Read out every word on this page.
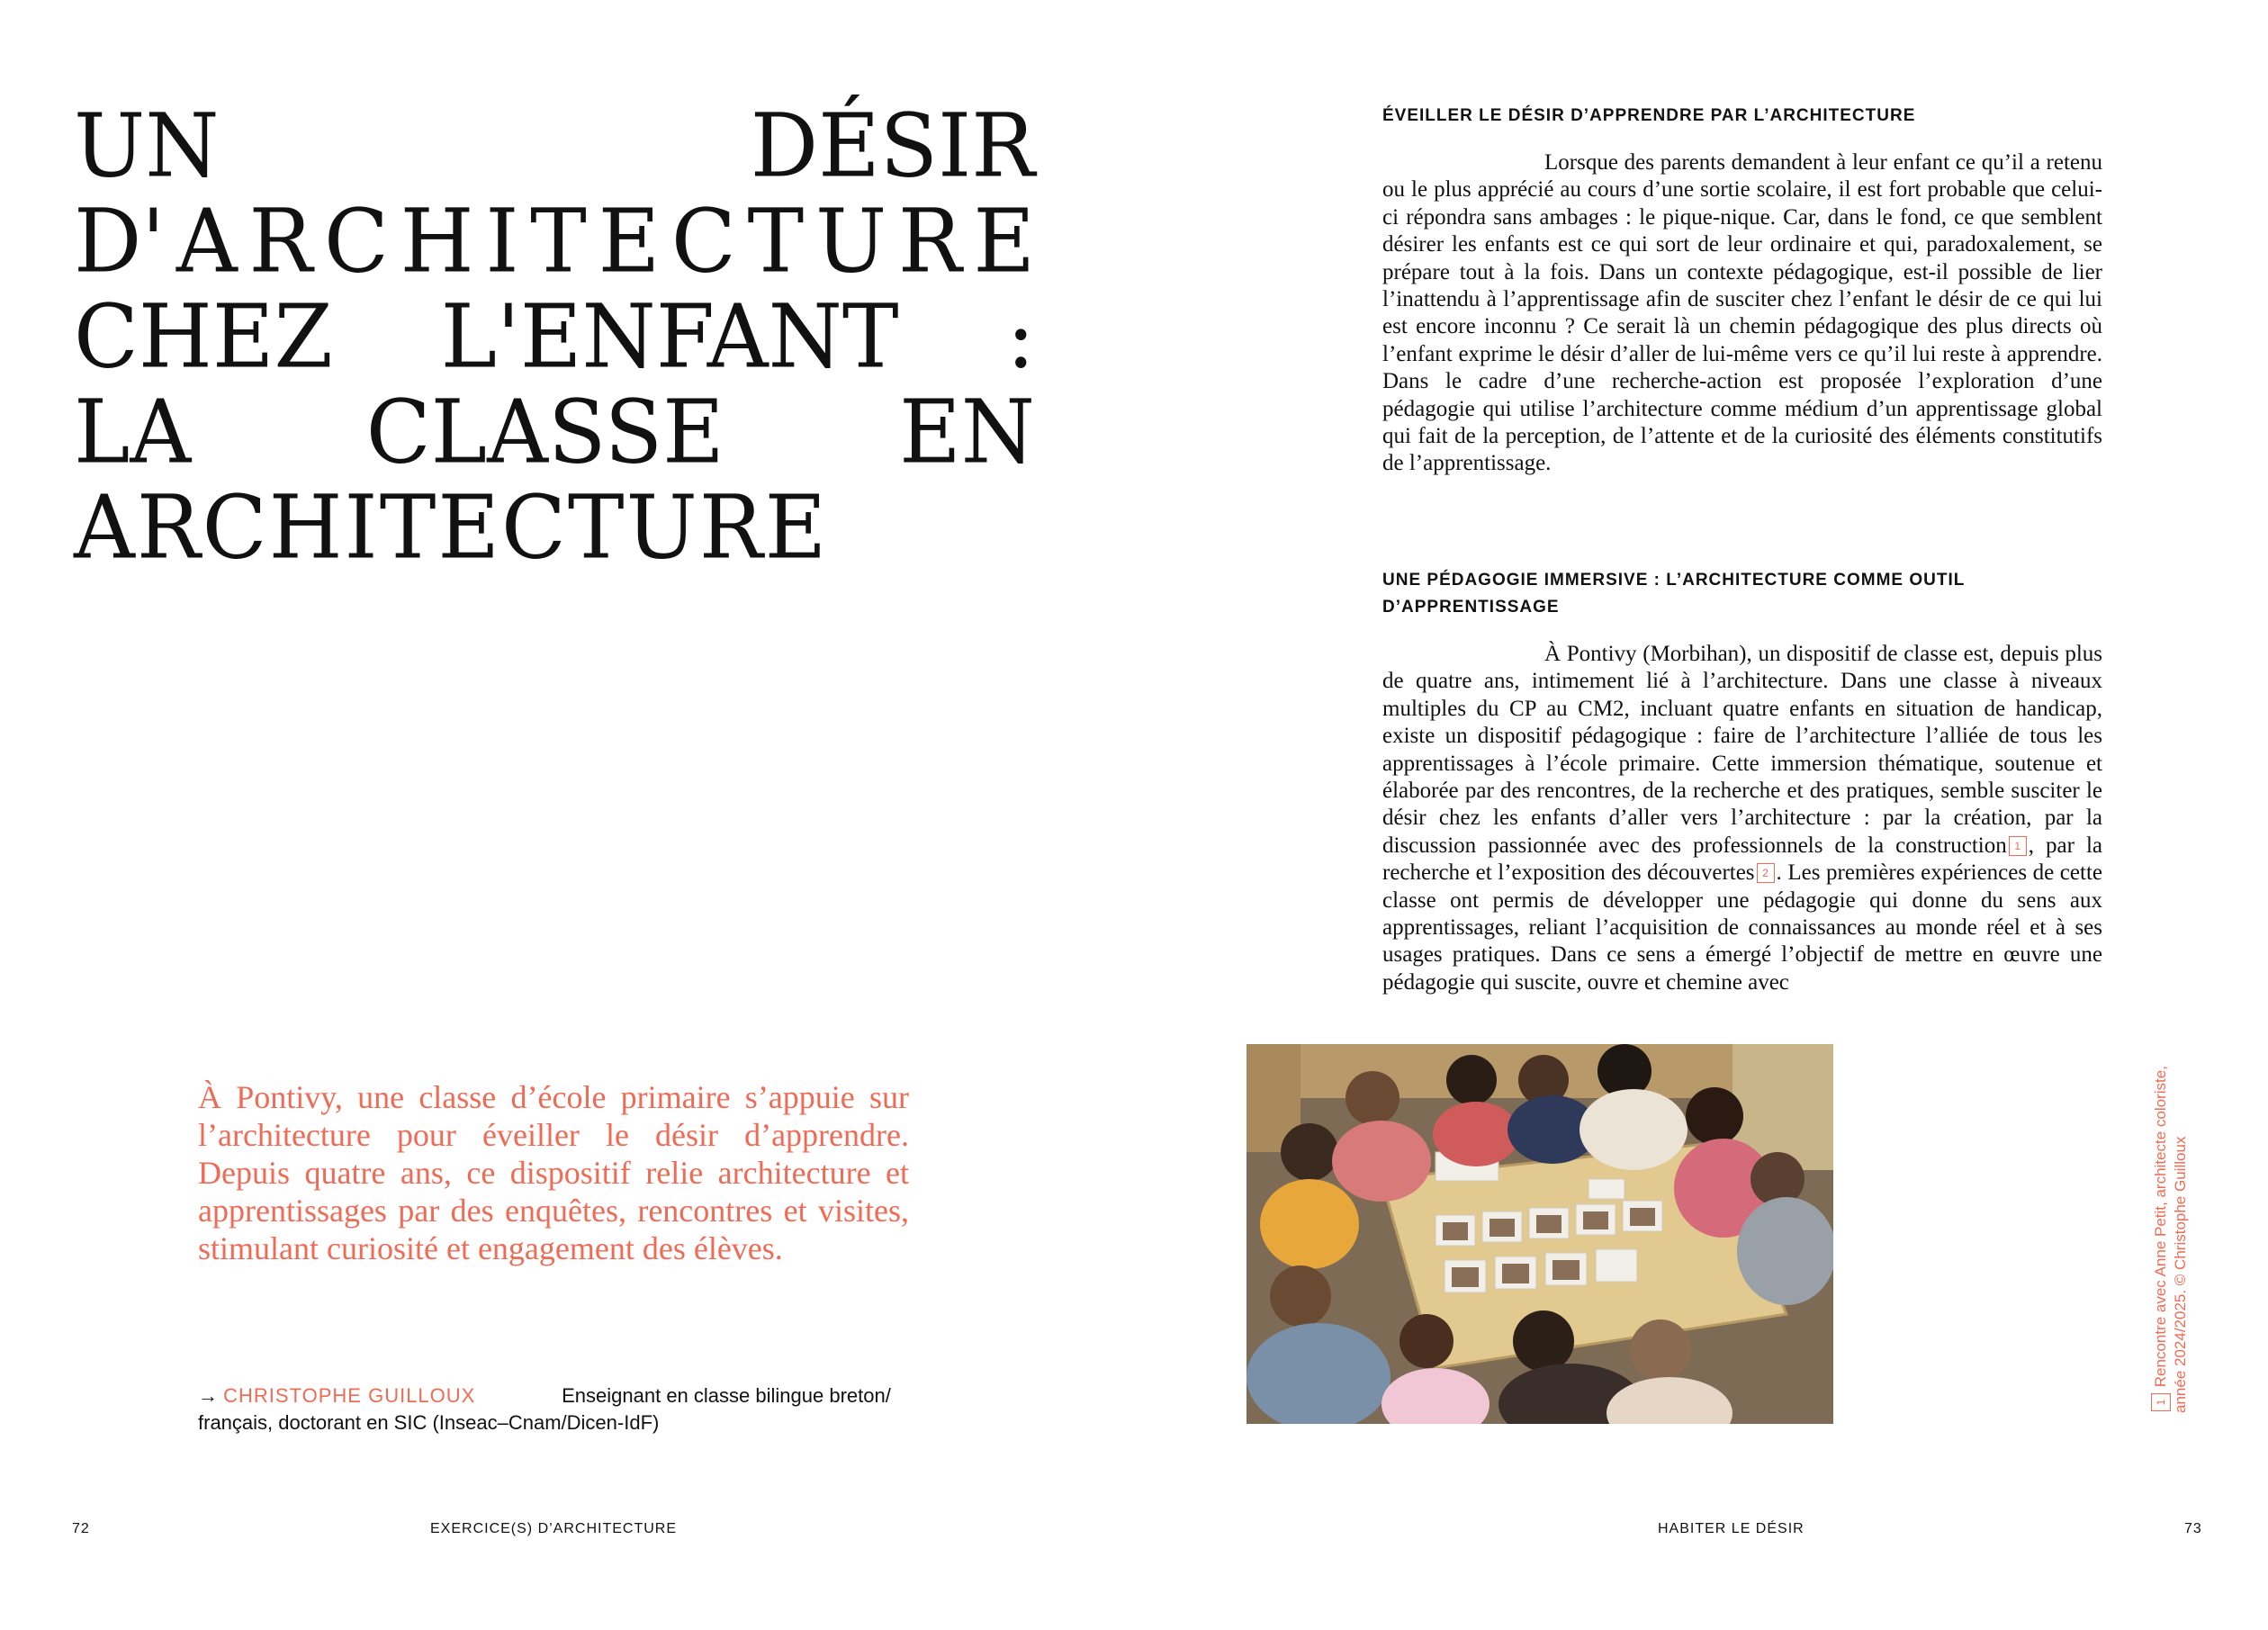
UN	DÉSIR
D' A R C H I T E C T U R E
CHEZ L'ENFANT :
LA CLASSE EN
ARCHITECTURE

À Pontivy, une classe d’école primaire s’appuie sur l’architecture pour éveiller le désir d’apprendre. Depuis quatre ans, ce dispositif relie architecture et apprentissages par des enquêtes, rencontres et visites, stimulant curiosité et engagement des élèves.

→ CHRISTOPHE GUILLOUX	Enseignant en classe bilingue breton/ français, doctorant en SIC (Inseac–Cnam/Dicen-IdF)
72	EXERCICE(S) D’ARCHITECTURE
ÉVEILLER LE DÉSIR D’APPRENDRE PAR L’ARCHITECTURE

Lorsque des parents demandent à leur enfant ce qu’il a retenu ou le plus apprécié au cours d’une sortie scolaire, il est fort probable que celui-ci répondra sans ambages : le pique-nique. Car, dans le fond, ce que semblent désirer les enfants est ce qui sort de leur ordinaire et qui, paradoxalement, se prépare tout à la fois. Dans un contexte pédagogique, est-il possible de lier l’inattendu à l’apprentissage afin de susciter chez l’enfant le désir de ce qui lui est encore inconnu ? Ce serait là un chemin pédagogique des plus directs où l’enfant exprime le désir d’aller de lui-même vers ce qu’il lui reste à apprendre. Dans le cadre d’une recherche-action est proposée l’exploration d’une pédagogie qui utilise l’architecture comme médium d’un apprentissage global qui fait de la perception, de l’attente et de la curiosité des éléments constitutifs de l’apprentissage.

UNE PÉDAGOGIE IMMERSIVE : L’ARCHITECTURE COMME OUTIL D’APPRENTISSAGE

À Pontivy (Morbihan), un dispositif de classe est, depuis plus de quatre ans, intimement lié à l’architecture. Dans une classe à niveaux multiples du CP au CM2, incluant quatre enfants en situation de handicap, existe un dispositif pédagogique : faire de l’architecture l’alliée de tous les apprentissages à l’école primaire. Cette immersion thématique, soutenue et élaborée par des rencontres, de la recherche et des pratiques, semble susciter le désir chez les enfants d’aller vers l’architecture : par la création, par la discussion passionnée avec des professionnels de la construction 1 , par la recherche et l’exposition des découvertes 2 . Les premières expériences de cette classe ont permis de développer une pédagogie qui donne du sens aux apprentissages, reliant l’acquisition de connaissances au monde réel et à ses usages pratiques. Dans ce sens a émergé l’objectif de mettre en œuvre une pédagogie qui suscite, ouvre et chemine avec

1 Rencontre avec Anne Petit, architecte coloriste, année 2024/2025. © Christophe Guilloux
HABITER LE DÉSIR	73
